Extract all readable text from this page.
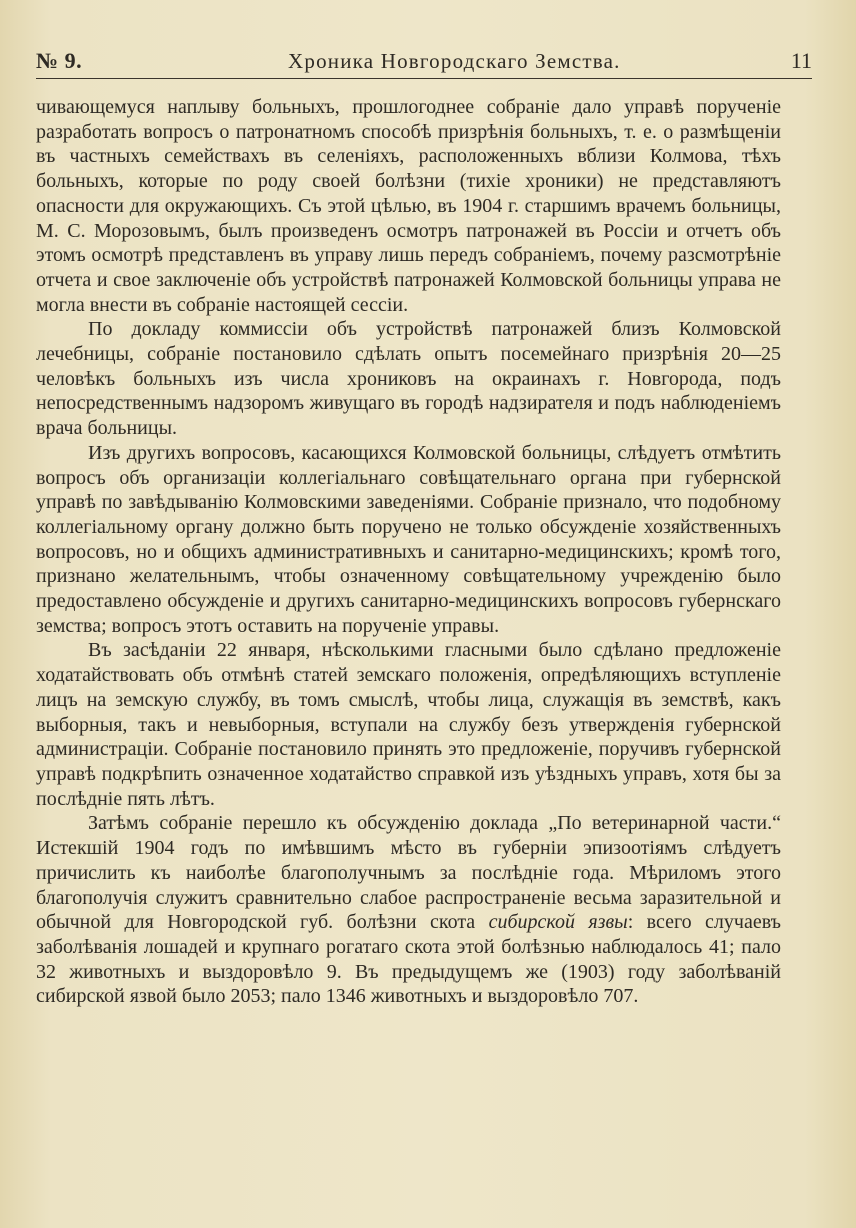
№ 9.	Хроника Новгородскаго Земства.	11

чивающемуся наплыву больныхъ, прошлогоднее собраніе дало управѣ порученіе разработать вопросъ о патронатномъ способѣ призрѣнія больныхъ, т. е. о размѣщеніи въ частныхъ семействахъ въ селеніяхъ, расположенныхъ вблизи Колмова, тѣхъ больныхъ, которые по роду своей болѣзни (тихіе хроники) не представляютъ опасности для окружающихъ. Съ этой цѣлью, въ 1904 г. старшимъ врачемъ больницы, М. С. Морозовымъ, былъ произведенъ осмотръ патронажей въ Россіи и отчетъ объ этомъ осмотрѣ представленъ въ управу лишь передъ собраніемъ, почему разсмотрѣніе отчета и свое заключеніе объ устройствѣ патронажей Колмовской больницы управа не могла внести въ собраніе настоящей сессіи.

По докладу коммиссіи объ устройствѣ патронажей близъ Колмовской лечебницы, собраніе постановило сдѣлать опытъ посемейнаго призрѣнія 20—25 человѣкъ больныхъ изъ числа хрониковъ на окраинахъ г. Новгорода, подъ непосредственнымъ надзоромъ живущаго въ городѣ надзирателя и подъ наблюденіемъ врача больницы.

Изъ другихъ вопросовъ, касающихся Колмовской больницы, слѣдуетъ отмѣтить вопросъ объ организаціи коллегіальнаго совѣщательнаго органа при губернской управѣ по завѣдыванію Колмовскими заведеніями. Собраніе признало, что подобному коллегіальному органу должно быть поручено не только обсужденіе хозяйственныхъ вопросовъ, но и общихъ административныхъ и санитарно-медицинскихъ; кромѣ того, признано желательнымъ, чтобы означенному совѣщательному учрежденію было предоставлено обсужденіе и другихъ санитарно-медицинскихъ вопросовъ губернскаго земства; вопросъ этотъ оставить на порученіе управы.

Въ засѣданіи 22 января, нѣсколькими гласными было сдѣлано предложеніе ходатайствовать объ отмѣнѣ статей земскаго положенія, опредѣляющихъ вступленіе лицъ на земскую службу, въ томъ смыслѣ, чтобы лица, служащія въ земствѣ, какъ выборныя, такъ и невыборныя, вступали на службу безъ утвержденія губернской администраціи. Собраніе постановило принять это предложеніе, поручивъ губернской управѣ подкрѣпить означенное ходатайство справкой изъ уѣздныхъ управъ, хотя бы за послѣдніе пять лѣтъ.

Затѣмъ собраніе перешло къ обсужденію доклада „По ветеринарной части.“ Истекшій 1904 годъ по имѣвшимъ мѣсто въ губерніи эпизоотіямъ слѣдуетъ причислить къ наиболѣе благополучнымъ за послѣдніе года. Мѣриломъ этого благополучія служитъ сравнительно слабое распространеніе весьма заразительной и обычной для Новгородской губ. болѣзни скота сибирской язвы: всего случаевъ заболѣванія лошадей и крупнаго рогатаго скота этой болѣзнью наблюдалось 41; пало 32 животныхъ и выздоровѣло 9. Въ предыдущемъ же (1903) году заболѣваній сибирской язвой было 2053; пало 1346 животныхъ и выздоровѣло 707.
